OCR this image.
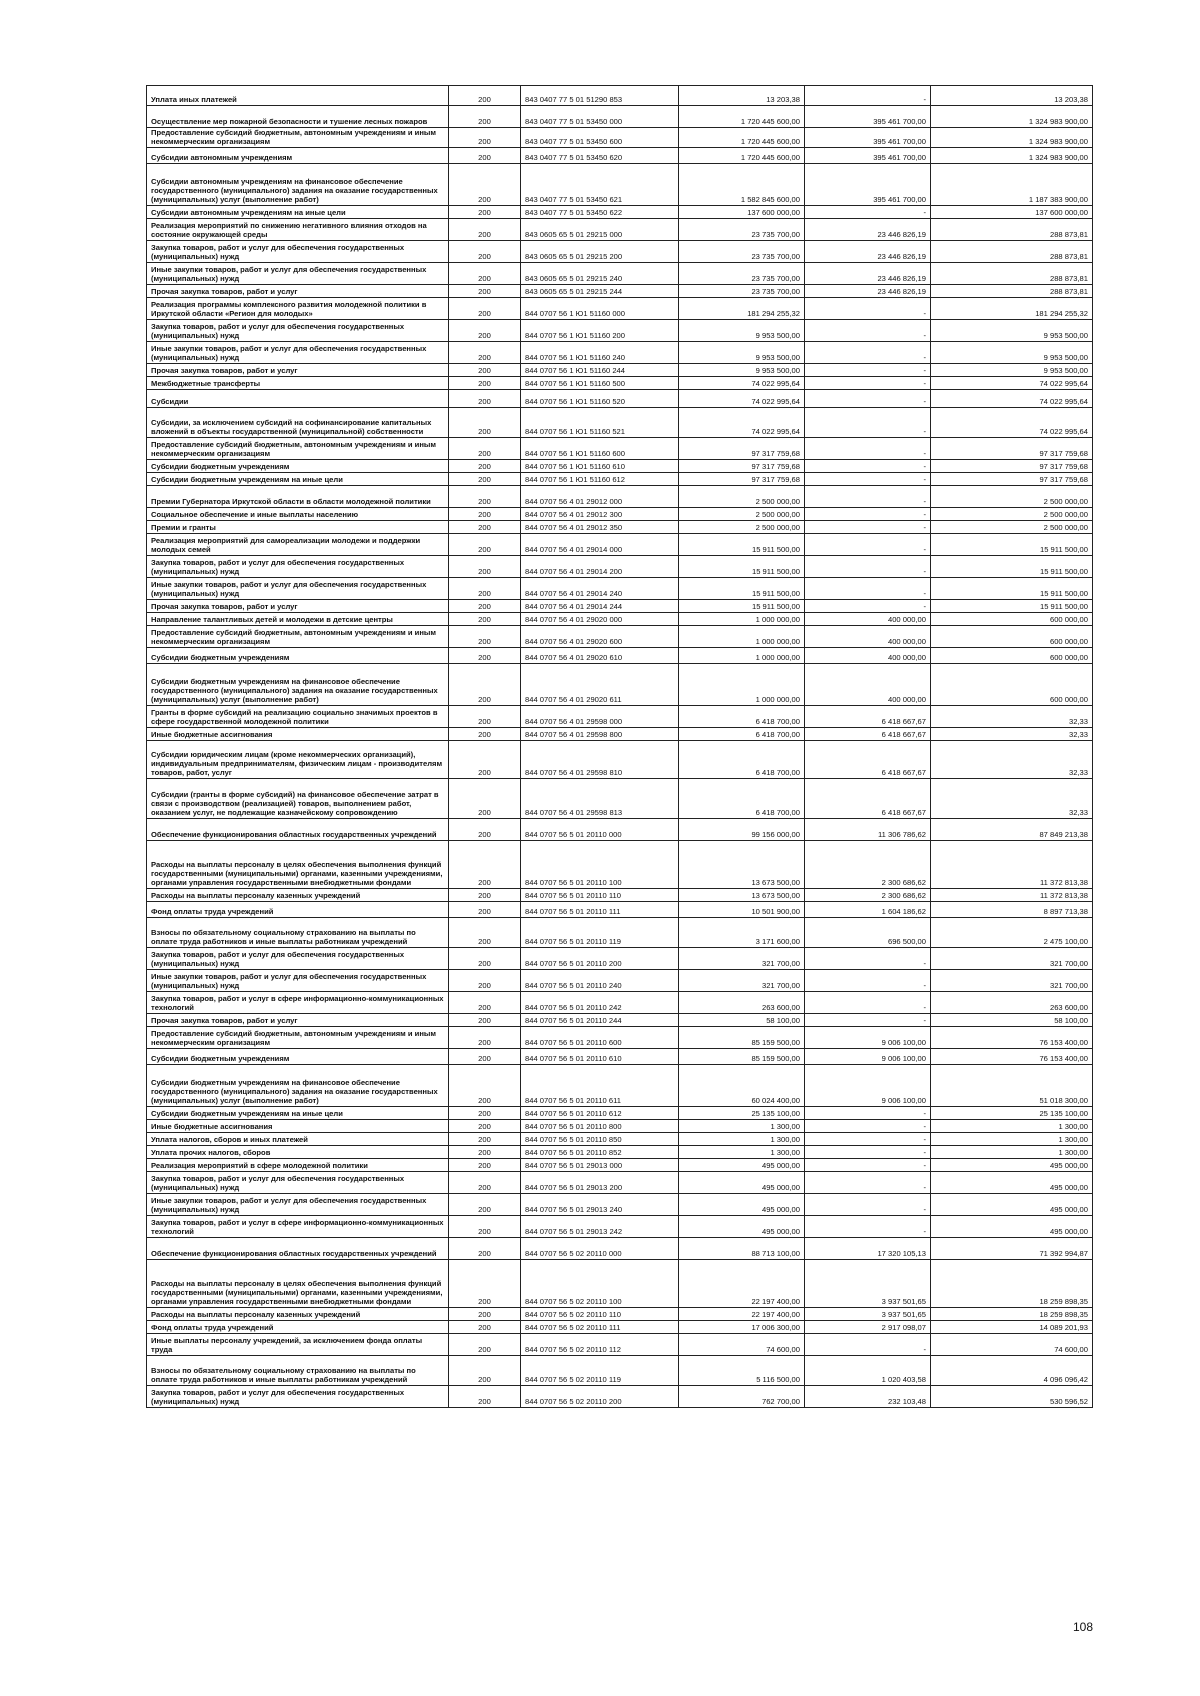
Уплата иных платежей	200	843 0407 77 5 01 51290 853	13 203,38	-	13 203,38
Осуществление мер пожарной безопасности и тушение лесных пожаров	200	843 0407 77 5 01 53450 000	1 720 445 600,00	395 461 700,00	1 324 983 900,00
Предоставление субсидий бюджетным, автономным учреждениям и иным некоммерческим организациям	200	843 0407 77 5 01 53450 600	1 720 445 600,00	395 461 700,00	1 324 983 900,00
Субсидии автономным учреждениям	200	843 0407 77 5 01 53450 620	1 720 445 600,00	395 461 700,00	1 324 983 900,00
Субсидии автономным учреждениям на финансовое обеспечение государственного (муниципального) задания на оказание государственных (муниципальных) услуг (выполнение работ)	200	843 0407 77 5 01 53450 621	1 582 845 600,00	395 461 700,00	1 187 383 900,00
Субсидии автономным учреждениям на иные цели	200	843 0407 77 5 01 53450 622	137 600 000,00	-	137 600 000,00
Реализация мероприятий по снижению негативного влияния отходов на состояние окружающей среды	200	843 0605 65 5 01 29215 000	23 735 700,00	23 446 826,19	288 873,81
Закупка товаров, работ и услуг для обеспечения государственных (муниципальных) нужд	200	843 0605 65 5 01 29215 200	23 735 700,00	23 446 826,19	288 873,81
Иные закупки товаров, работ и услуг для обеспечения государственных (муниципальных) нужд	200	843 0605 65 5 01 29215 240	23 735 700,00	23 446 826,19	288 873,81
Прочая закупка товаров, работ и услуг	200	843 0605 65 5 01 29215 244	23 735 700,00	23 446 826,19	288 873,81
Реализация программы комплексного развития молодежной политики в Иркутской области «Регион для молодых»	200	844 0707 56 1 Ю1 51160 000	181 294 255,32	-	181 294 255,32
Закупка товаров, работ и услуг для обеспечения государственных (муниципальных) нужд	200	844 0707 56 1 Ю1 51160 200	9 953 500,00	-	9 953 500,00
Иные закупки товаров, работ и услуг для обеспечения государственных (муниципальных) нужд	200	844 0707 56 1 Ю1 51160 240	9 953 500,00	-	9 953 500,00
Прочая закупка товаров, работ и услуг	200	844 0707 56 1 Ю1 51160 244	9 953 500,00	-	9 953 500,00
Межбюджетные трансферты	200	844 0707 56 1 Ю1 51160 500	74 022 995,64	-	74 022 995,64
Субсидии	200	844 0707 56 1 Ю1 51160 520	74 022 995,64	-	74 022 995,64
Субсидии, за исключением субсидий на софинансирование капитальных вложений в объекты государственной (муниципальной) собственности	200	844 0707 56 1 Ю1 51160 521	74 022 995,64	-	74 022 995,64
Предоставление субсидий бюджетным, автономным учреждениям и иным некоммерческим организациям	200	844 0707 56 1 Ю1 51160 600	97 317 759,68	-	97 317 759,68
Субсидии бюджетным учреждениям	200	844 0707 56 1 Ю1 51160 610	97 317 759,68	-	97 317 759,68
Субсидии бюджетным учреждениям на иные цели	200	844 0707 56 1 Ю1 51160 612	97 317 759,68	-	97 317 759,68
Премии Губернатора Иркутской области в области молодежной политики	200	844 0707 56 4 01 29012 000	2 500 000,00	-	2 500 000,00
Социальное обеспечение и иные выплаты населению	200	844 0707 56 4 01 29012 300	2 500 000,00	-	2 500 000,00
Премии и гранты	200	844 0707 56 4 01 29012 350	2 500 000,00	-	2 500 000,00
Реализация мероприятий для самореализации молодежи и поддержки молодых семей	200	844 0707 56 4 01 29014 000	15 911 500,00	-	15 911 500,00
Закупка товаров, работ и услуг для обеспечения государственных (муниципальных) нужд	200	844 0707 56 4 01 29014 200	15 911 500,00	-	15 911 500,00
Иные закупки товаров, работ и услуг для обеспечения государственных (муниципальных) нужд	200	844 0707 56 4 01 29014 240	15 911 500,00	-	15 911 500,00
Прочая закупка товаров, работ и услуг	200	844 0707 56 4 01 29014 244	15 911 500,00	-	15 911 500,00
Направление талантливых детей и молодежи в детские центры	200	844 0707 56 4 01 29020 000	1 000 000,00	400 000,00	600 000,00
Предоставление субсидий бюджетным, автономным учреждениям и иным некоммерческим организациям	200	844 0707 56 4 01 29020 600	1 000 000,00	400 000,00	600 000,00
Субсидии бюджетным учреждениям	200	844 0707 56 4 01 29020 610	1 000 000,00	400 000,00	600 000,00
Субсидии бюджетным учреждениям на финансовое обеспечение государственного (муниципального) задания на оказание государственных (муниципальных) услуг (выполнение работ)	200	844 0707 56 4 01 29020 611	1 000 000,00	400 000,00	600 000,00
Гранты в форме субсидий на реализацию социально значимых проектов в сфере государственной молодежной политики	200	844 0707 56 4 01 29598 000	6 418 700,00	6 418 667,67	32,33
Иные бюджетные ассигнования	200	844 0707 56 4 01 29598 800	6 418 700,00	6 418 667,67	32,33
Субсидии юридическим лицам (кроме некоммерческих организаций), индивидуальным предпринимателям, физическим лицам - производителям товаров, работ, услуг	200	844 0707 56 4 01 29598 810	6 418 700,00	6 418 667,67	32,33
Субсидии (гранты в форме субсидий) на финансовое обеспечение затрат в связи с производством (реализацией) товаров, выполнением работ, оказанием услуг, не подлежащие казначейскому сопровождению	200	844 0707 56 4 01 29598 813	6 418 700,00	6 418 667,67	32,33
Обеспечение функционирования областных государственных учреждений	200	844 0707 56 5 01 20110 000	99 156 000,00	11 306 786,62	87 849 213,38
Расходы на выплаты персоналу в целях обеспечения выполнения функций государственными (муниципальными) органами, казенными учреждениями, органами управления государственными внебюджетными фондами	200	844 0707 56 5 01 20110 100	13 673 500,00	2 300 686,62	11 372 813,38
Расходы на выплаты персоналу казенных учреждений	200	844 0707 56 5 01 20110 110	13 673 500,00	2 300 686,62	11 372 813,38
Фонд оплаты труда учреждений	200	844 0707 56 5 01 20110 111	10 501 900,00	1 604 186,62	8 897 713,38
Взносы по обязательному социальному страхованию на выплаты по оплате труда работников и иные выплаты работникам учреждений	200	844 0707 56 5 01 20110 119	3 171 600,00	696 500,00	2 475 100,00
Закупка товаров, работ и услуг для обеспечения государственных (муниципальных) нужд	200	844 0707 56 5 01 20110 200	321 700,00	-	321 700,00
Иные закупки товаров, работ и услуг для обеспечения государственных (муниципальных) нужд	200	844 0707 56 5 01 20110 240	321 700,00	-	321 700,00
Закупка товаров, работ и услуг в сфере информационно-коммуникационных технологий	200	844 0707 56 5 01 20110 242	263 600,00	-	263 600,00
Прочая закупка товаров, работ и услуг	200	844 0707 56 5 01 20110 244	58 100,00	-	58 100,00
Предоставление субсидий бюджетным, автономным учреждениям и иным некоммерческим организациям	200	844 0707 56 5 01 20110 600	85 159 500,00	9 006 100,00	76 153 400,00
Субсидии бюджетным учреждениям	200	844 0707 56 5 01 20110 610	85 159 500,00	9 006 100,00	76 153 400,00
Субсидии бюджетным учреждениям на финансовое обеспечение государственного (муниципального) задания на оказание государственных (муниципальных) услуг (выполнение работ)	200	844 0707 56 5 01 20110 611	60 024 400,00	9 006 100,00	51 018 300,00
Субсидии бюджетным учреждениям на иные цели	200	844 0707 56 5 01 20110 612	25 135 100,00	-	25 135 100,00
Иные бюджетные ассигнования	200	844 0707 56 5 01 20110 800	1 300,00	-	1 300,00
Уплата налогов, сборов и иных платежей	200	844 0707 56 5 01 20110 850	1 300,00	-	1 300,00
Уплата прочих налогов, сборов	200	844 0707 56 5 01 20110 852	1 300,00	-	1 300,00
Реализация мероприятий в сфере молодежной политики	200	844 0707 56 5 01 29013 000	495 000,00	-	495 000,00
Закупка товаров, работ и услуг для обеспечения государственных (муниципальных) нужд	200	844 0707 56 5 01 29013 200	495 000,00	-	495 000,00
Иные закупки товаров, работ и услуг для обеспечения государственных (муниципальных) нужд	200	844 0707 56 5 01 29013 240	495 000,00	-	495 000,00
Закупка товаров, работ и услуг в сфере информационно-коммуникационных технологий	200	844 0707 56 5 01 29013 242	495 000,00	-	495 000,00
Обеспечение функционирования областных государственных учреждений	200	844 0707 56 5 02 20110 000	88 713 100,00	17 320 105,13	71 392 994,87
Расходы на выплаты персоналу в целях обеспечения выполнения функций государственными (муниципальными) органами, казенными учреждениями, органами управления государственными внебюджетными фондами	200	844 0707 56 5 02 20110 100	22 197 400,00	3 937 501,65	18 259 898,35
Расходы на выплаты персоналу казенных учреждений	200	844 0707 56 5 02 20110 110	22 197 400,00	3 937 501,65	18 259 898,35
Фонд оплаты труда учреждений	200	844 0707 56 5 02 20110 111	17 006 300,00	2 917 098,07	14 089 201,93
Иные выплаты персоналу учреждений, за исключением фонда оплаты труда	200	844 0707 56 5 02 20110 112	74 600,00	-	74 600,00
Взносы по обязательному социальному страхованию на выплаты по оплате труда работников и иные выплаты работникам учреждений	200	844 0707 56 5 02 20110 119	5 116 500,00	1 020 403,58	4 096 096,42
Закупка товаров, работ и услуг для обеспечения государственных (муниципальных) нужд	200	844 0707 56 5 02 20110 200	762 700,00	232 103,48	530 596,52
108
